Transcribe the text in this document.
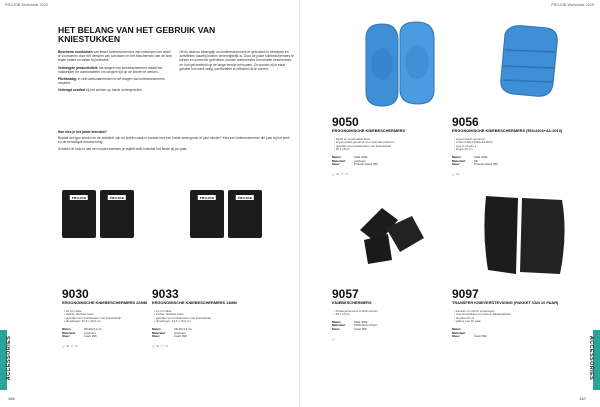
PROJOB Workwear 2025
HET BELANG VAN HET GEBRUIK VAN KNIESTUKKEN

Bescherm voorkomen van letsel: kniebeschermers zijn ontworpen om letsel te voorkomen door het dempen van schokken en het beschermen van de knie tegen stoten en vallen bij kniewerk.

Verhoogde productiviteit: het dragen van kniebeschermers maakt het makkelijker en comfortabeler om langere tijd op de knieën te werken.

Plichtmatig: in veel werkzaamheden is het dragen van kniebeschermers verplicht.

Verlengd comfort bij het werken op harde ondergronden.

Het is daarom belangrijk om kniebeschermers te gebruiken in beroepen en activiteiten waarbij knielen onvermijdelijk is. Door de juiste kniebeschermers te kiezen en correct te gebruiken, kunnen werknemers hun knieën beschermen en hun gezondheid op de lange termijn behouden. Zo worden zij in staat gesteld hun werk veilig, comfortabel en efficiënt uit te voeren.

Hoe kies je het juiste kniestuk?

Bepaal het type knieën en de activiteit: zijn de knieën vaak in contact met een harde ondergrond of juist minder? Kies een kniebeschermer die past bij het werk en de benodigde bescherming.

Schakel de hulp in van een expert wanneer je twijfelt welk kniestuk het beste bij jou past.

PROJOB	PROJOB	PROJOB	PROJOB
9030
ERGONOMISCHE KNIEBESCHERMERS 22MM
• 22 mm dikte
• zachte, flexibele foam
• geschikt voor kniebroeken met kniestukzak
• afmetingen: 24,5 x 16,5 cm
Maten:	25x16x2,2 cm
Materiaal:	polyfoam
Kleur:	zwart 999
◻ ⊞ ▭ ⊡
9033
ERGONOMISCHE KNIEBESCHERMERS 11MM
• 11 mm dikte
• zachte, flexibele foam
• geschikt voor kniebroeken met kniestukzak
• afmetingen: 24,5 x 16,5 cm
Maten:	25x16x1,1 cm
Materiaal:	polyfoam
Kleur:	zwart 999
◻ ⊞ ▭ ⊡
ACCESSORIES
166
PROJOB Workwear 2025
9050
ERGONOMISCHE KNIEBESCHERMERS
• Zacht en comfortabel foam
• ergonomisch gevormd voor optimale pasvorm
• geschikt voor kniebroeken met kniestukzak
• 26 x 18 cm
Maten:	ONE SIZE
Materiaal:	polyfoam
Kleur:	Proteck blauw 555
◻ ⊞ ▭ ⊡
9056
ERGONOMISCHE KNIEBESCHERMERS (EN14404+A1:2010)
• ergonomisch gevormd
• conform EN 14404+A1:2010
• type 2, niveau 1
• lengte 26 cm
Maten:	ONE SIZE
Materiaal:	PE
Kleur:	Proteck blauw 555
◻ ⊞
9057
KNIEBESCHERMERS
• Kniebeschermers in EVA-schuim
• 25 x 15 cm
Maten:	ONE SIZE
Materiaal:	100% EVA schuim
Kleur:	zwart 999
◻
9097
TRANSFER KNIEVERSTEVIGING (PAKKET VAN 10 PAAR)
• transfer om zelf te verstevigen
• voor kniestukken en andere slijtageplekken
• breedte 22 cm
• pakket met 10 paar
Maten:	-
Materiaal:	-
Kleur:	zwart 999	ACCESSORIES
167
